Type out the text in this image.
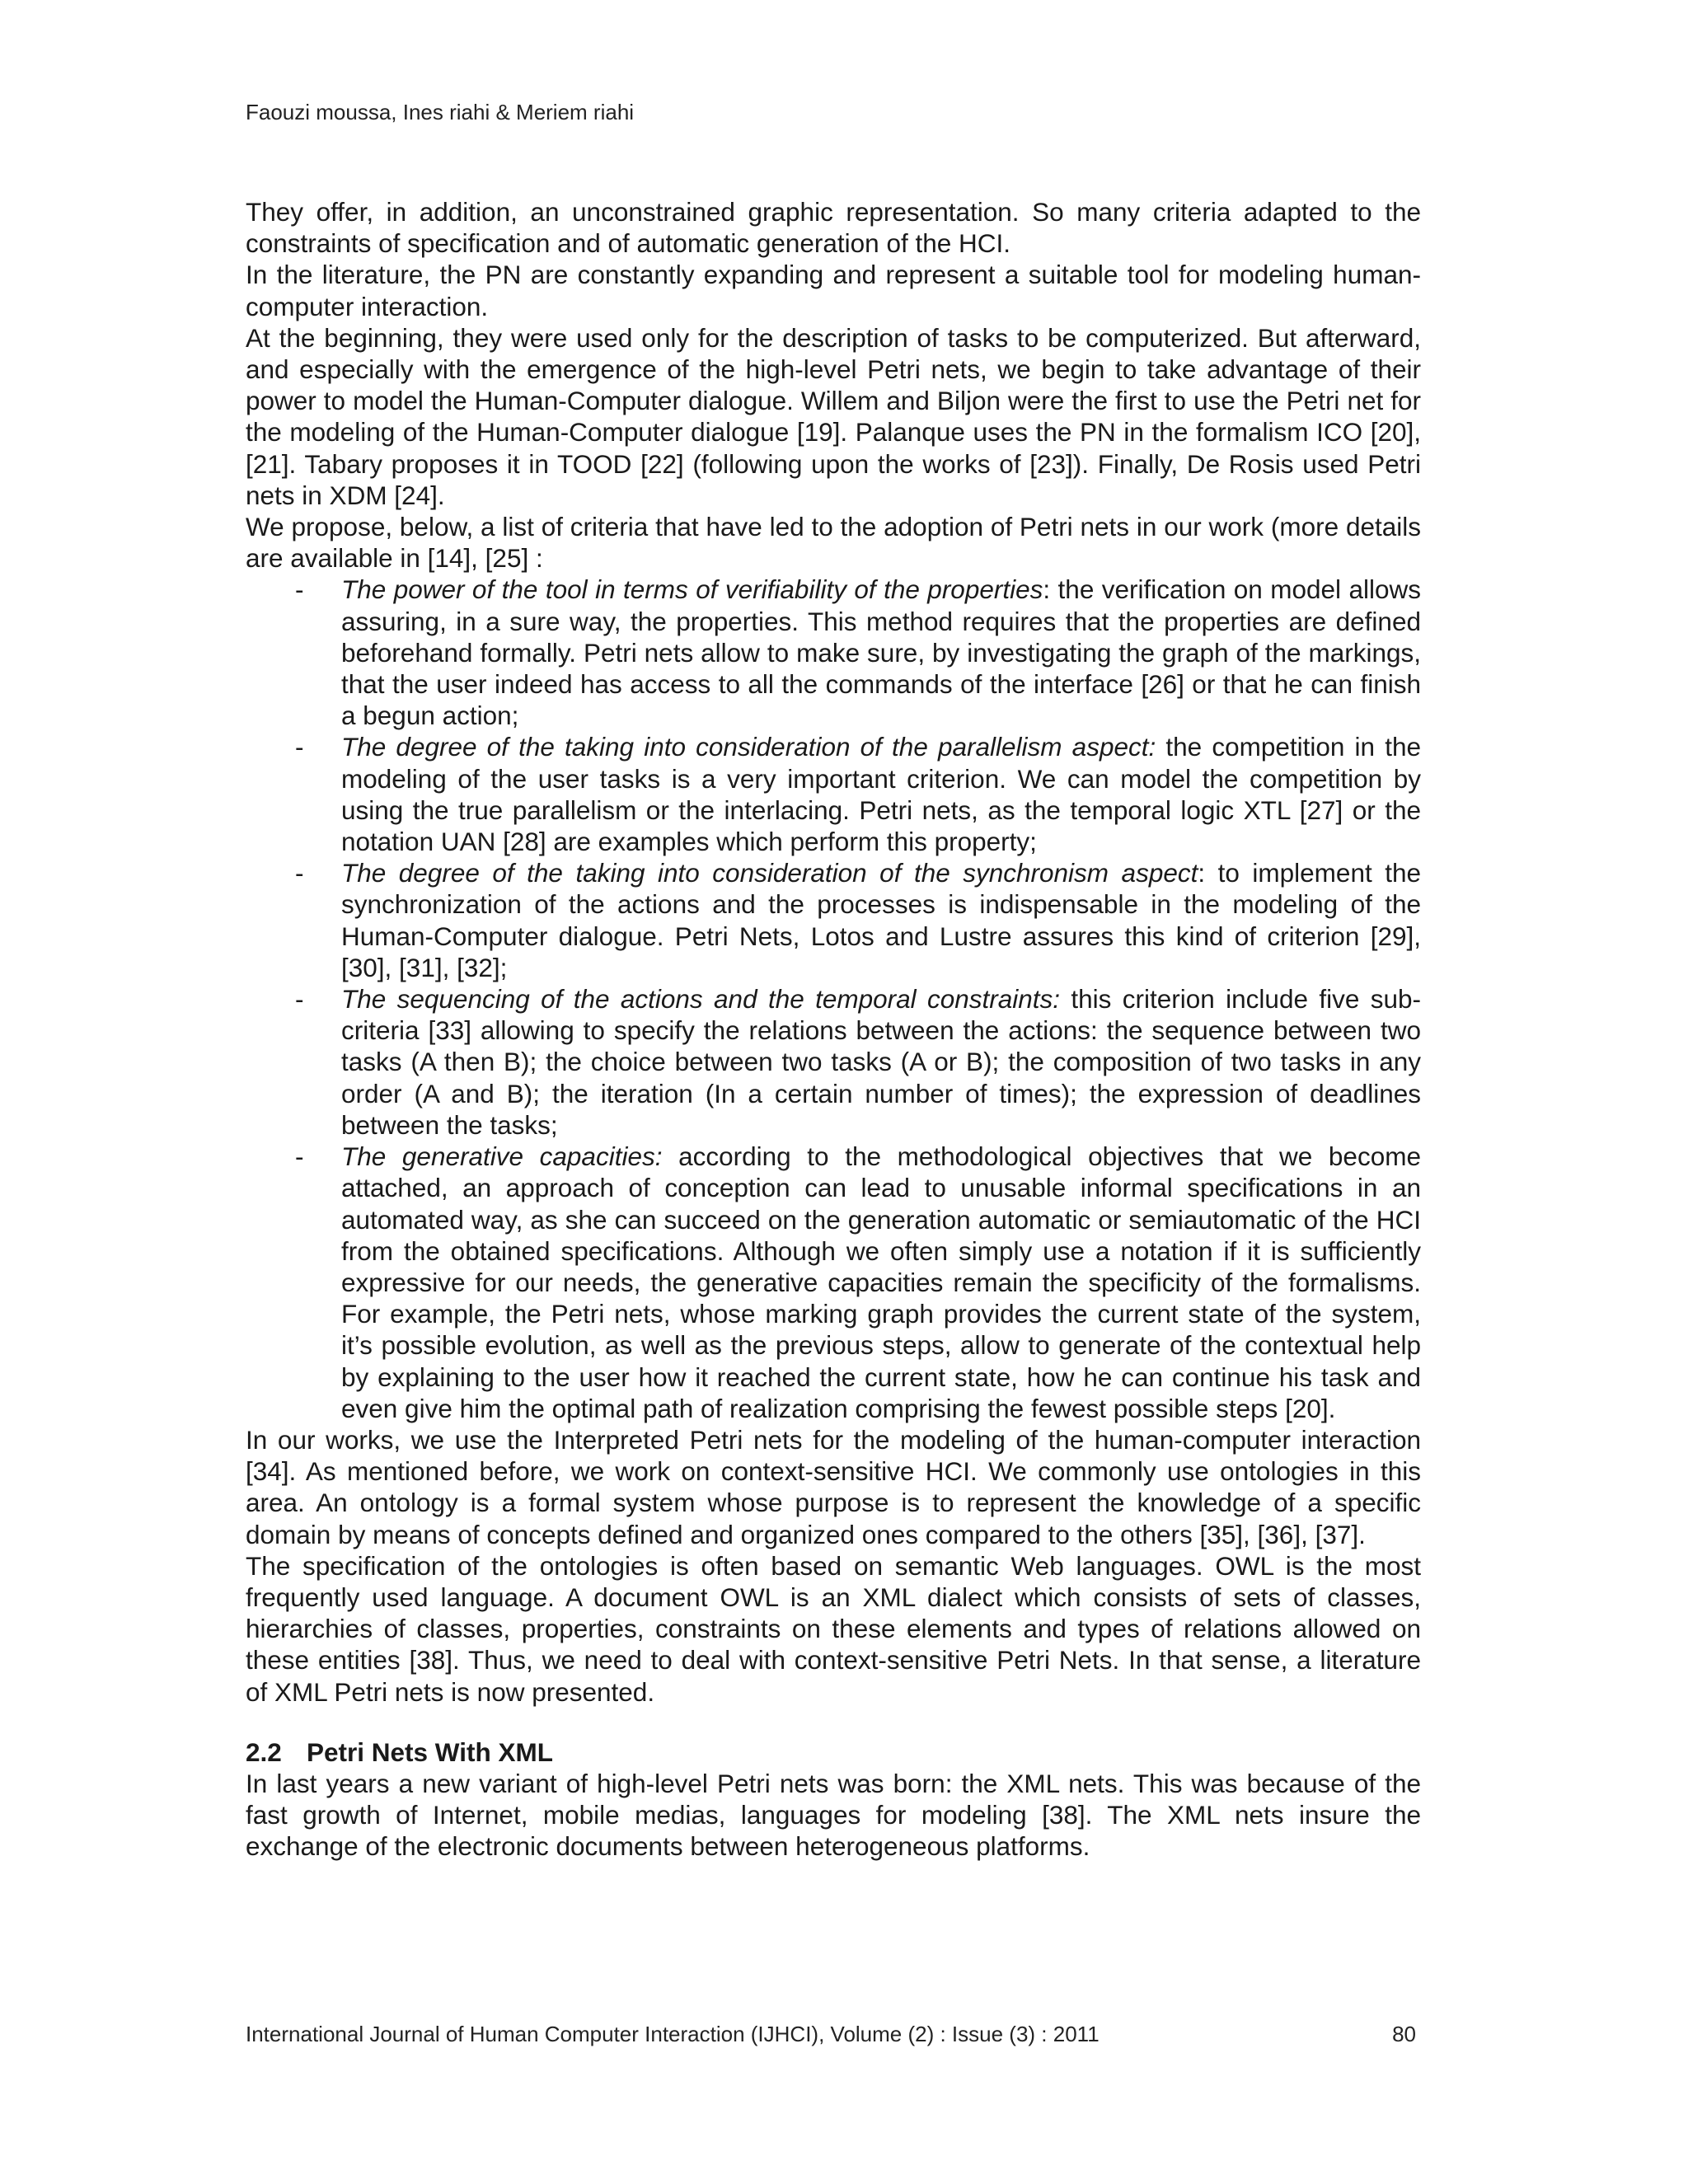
Faouzi moussa, Ines riahi & Meriem riahi

They offer, in addition, an unconstrained graphic representation. So many criteria adapted to the constraints of specification and of automatic generation of the HCI.

In the literature, the PN are constantly expanding and represent a suitable tool for modeling human-computer interaction.

At the beginning, they were used only for the description of tasks to be computerized. But afterward, and especially with the emergence of the high-level Petri nets, we begin to take advantage of their power to model the Human-Computer dialogue. Willem and Biljon were the first to use the Petri net for the modeling of the Human-Computer dialogue [19]. Palanque uses the PN in the formalism ICO [20], [21]. Tabary proposes it in TOOD [22] (following upon the works of [23]). Finally, De Rosis used Petri nets in XDM [24].

We propose, below, a list of criteria that have led to the adoption of Petri nets in our work (more details are available in [14], [25] :

- The power of the tool in terms of verifiability of the properties: the verification on model allows assuring, in a sure way, the properties. This method requires that the properties are defined beforehand formally. Petri nets allow to make sure, by investigating the graph of the markings, that the user indeed has access to all the commands of the interface [26] or that he can finish a begun action;
- The degree of the taking into consideration of the parallelism aspect: the competition in the modeling of the user tasks is a very important criterion. We can model the competition by using the true parallelism or the interlacing. Petri nets, as the temporal logic XTL [27] or the notation UAN [28] are examples which perform this property;
- The degree of the taking into consideration of the synchronism aspect: to implement the synchronization of the actions and the processes is indispensable in the modeling of the Human-Computer dialogue. Petri Nets, Lotos and Lustre assures this kind of criterion [29], [30], [31], [32];
- The sequencing of the actions and the temporal constraints: this criterion include five sub-criteria [33] allowing to specify the relations between the actions: the sequence between two tasks (A then B); the choice between two tasks (A or B); the composition of two tasks in any order (A and B); the iteration (In a certain number of times); the expression of deadlines between the tasks;
- The generative capacities: according to the methodological objectives that we become attached, an approach of conception can lead to unusable informal specifications in an automated way, as she can succeed on the generation automatic or semiautomatic of the HCI from the obtained specifications. Although we often simply use a notation if it is sufficiently expressive for our needs, the generative capacities remain the specificity of the formalisms. For example, the Petri nets, whose marking graph provides the current state of the system, it’s possible evolution, as well as the previous steps, allow to generate of the contextual help by explaining to the user how it reached the current state, how he can continue his task and even give him the optimal path of realization comprising the fewest possible steps [20].

In our works, we use the Interpreted Petri nets for the modeling of the human-computer interaction [34]. As mentioned before, we work on context-sensitive HCI. We commonly use ontologies in this area. An ontology is a formal system whose purpose is to represent the knowledge of a specific domain by means of concepts defined and organized ones compared to the others [35], [36], [37].

The specification of the ontologies is often based on semantic Web languages. OWL is the most frequently used language. A document OWL is an XML dialect which consists of sets of classes, hierarchies of classes, properties, constraints on these elements and types of relations allowed on these entities [38]. Thus, we need to deal with context-sensitive Petri Nets. In that sense, a literature of XML Petri nets is now presented.

2.2 Petri Nets With XML

In last years a new variant of high-level Petri nets was born: the XML nets. This was because of the fast growth of Internet, mobile medias, languages for modeling [38]. The XML nets insure the exchange of the electronic documents between heterogeneous platforms.

International Journal of Human Computer Interaction (IJHCI), Volume (2) : Issue (3) : 2011	80
